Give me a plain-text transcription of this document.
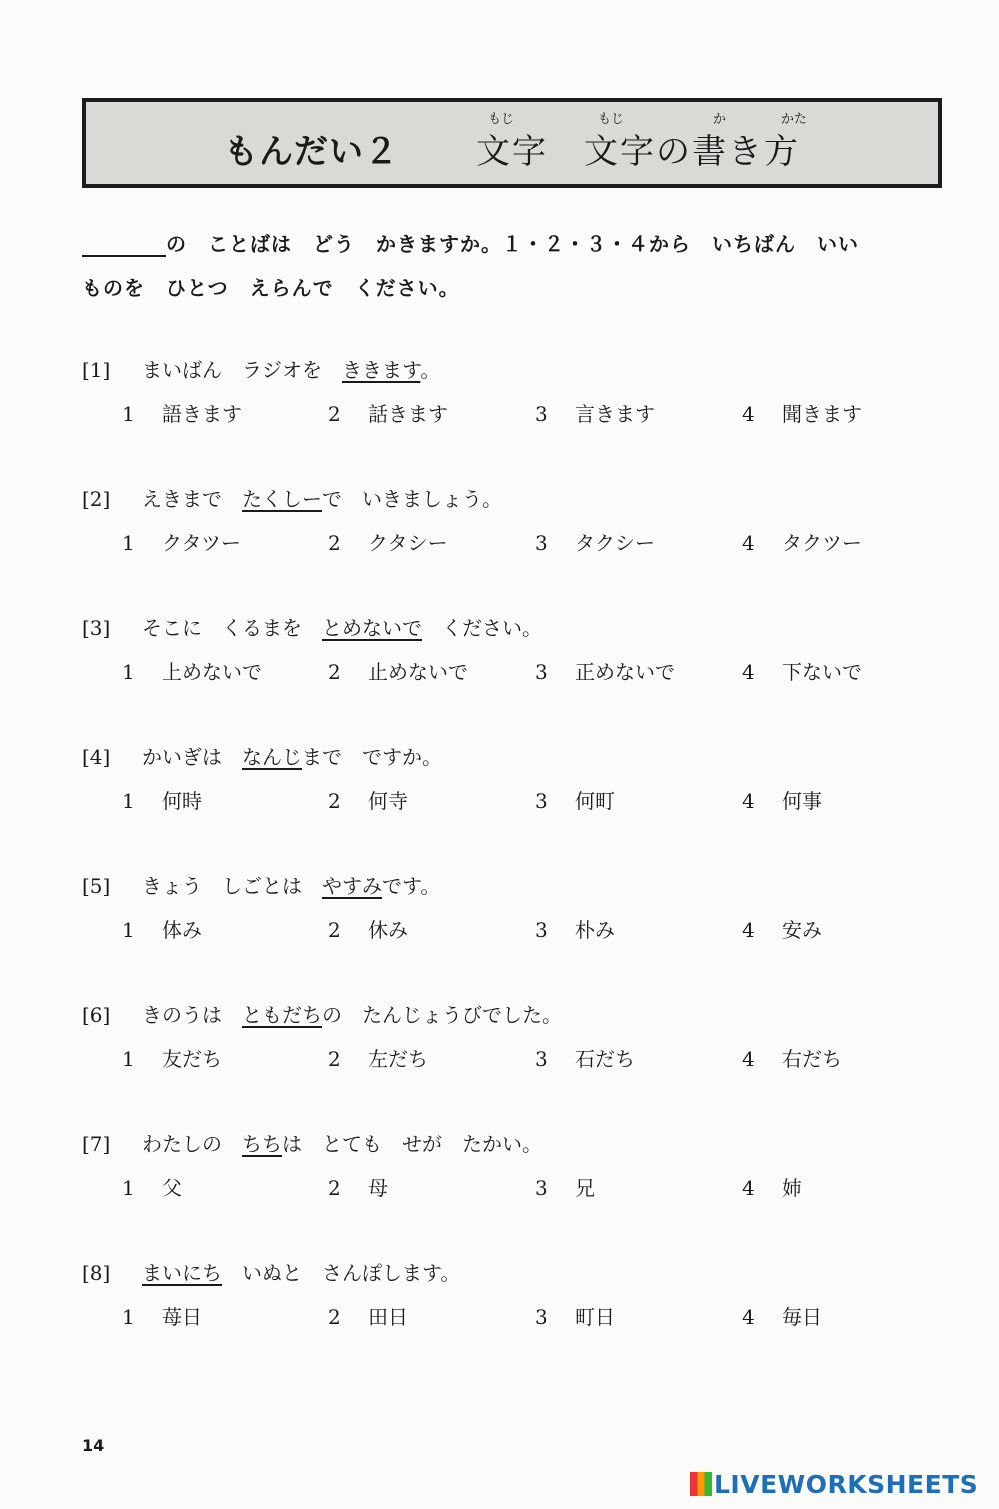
もんだい２ 文字　文字の書き方
もじ	もじ	か	かた
の　ことばは　どう　かきますか。１・２・３・４から　いちばん　いい
ものを　ひとつ　えらんで　ください。
[1] まいばん　ラジオを　ききます。
1 語きます	2 話きます	3 言きます	4 聞きます
[2] えきまで　たくしーで　いきましょう。
1 クタツー	2 クタシー	3 タクシー	4 タクツー
[3] そこに　くるまを　とめないで　ください。
1 上めないで	2 止めないで	3 正めないで	4 下ないで
[4] かいぎは　なんじまで　ですか。
1 何時	2 何寺	3 何町	4 何事
[5] きょう　しごとは　やすみです。
1 体み	2 休み	3 朴み	4 安み
[6] きのうは　ともだちの　たんじょうびでした。
1 友だち	2 左だち	3 石だち	4 右だち
[7] わたしの　ちちは　とても　せが　たかい。
1 父	2 母	3 兄	4 姉
[8] まいにち　いぬと　さんぽします。
1 苺日	2 田日	3 町日	4 毎日
14
LIVEWORKSHEETS
